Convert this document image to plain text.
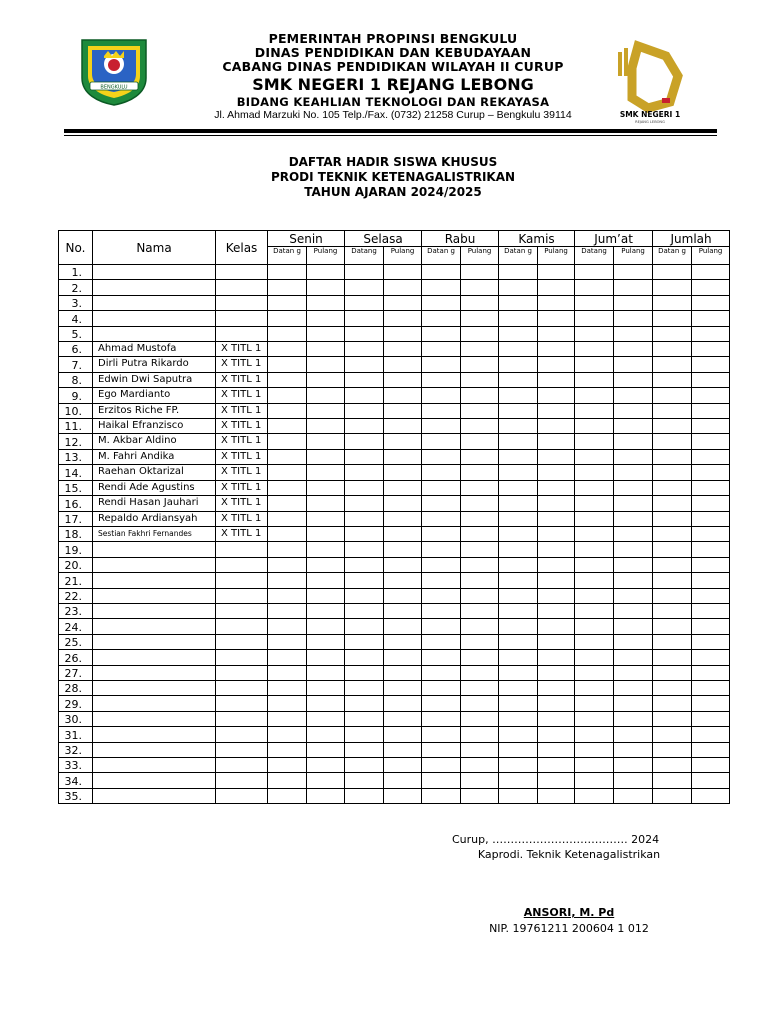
BENGKULU
SMK NEGERI 1
REJANG LEBONG
PEMERINTAH PROPINSI BENGKULU
DINAS PENDIDIKAN DAN KEBUDAYAAN
CABANG DINAS PENDIDIKAN WILAYAH II CURUP
SMK NEGERI 1 REJANG LEBONG
BIDANG KEAHLIAN TEKNOLOGI DAN REKAYASA
Jl. Ahmad Marzuki No. 105 Telp./Fax. (0732) 21258 Curup – Bengkulu 39114
DAFTAR HADIR SISWA KHUSUS
PRODI TEKNIK KETENAGALISTRIKAN
TAHUN AJARAN 2024/2025
No.	Nama	Kelas	Senin		Selasa		Rabu		Kamis		Jum’at		Jumlah	
			Datan g	Pulang	Datang	Pulang	Datan g	Pulang	Datan g	Pulang	Datang	Pulang	Datan g	Pulang
1.														
2.														
3.														
4.														
5.														
6.	Ahmad Mustofa	X TITL 1												
7.	Dirli Putra Rikardo	X TITL 1												
8.	Edwin Dwi Saputra	X TITL 1												
9.	Ego Mardianto	X TITL 1												
10.	Erzitos Riche FP.	X TITL 1												
11.	Haikal Efranzisco	X TITL 1												
12.	M. Akbar Aldino	X TITL 1												
13.	M. Fahri Andika	X TITL 1												
14.	Raehan Oktarizal	X TITL 1												
15.	Rendi Ade Agustins	X TITL 1												
16.	Rendi Hasan Jauhari	X TITL 1												
17.	Repaldo Ardiansyah	X TITL 1												
18.	Sestian Fakhri Fernandes	X TITL 1												
19.														
20.														
21.														
22.														
23.														
24.														
25.														
26.														
27.														
28.														
29.														
30.														
31.														
32.														
33.														
34.														
35.														
Curup, ………………………………. 2024
Kaprodi. Teknik Ketenagalistrikan
ANSORI, M. Pd
NIP. 19761211 200604 1 012
